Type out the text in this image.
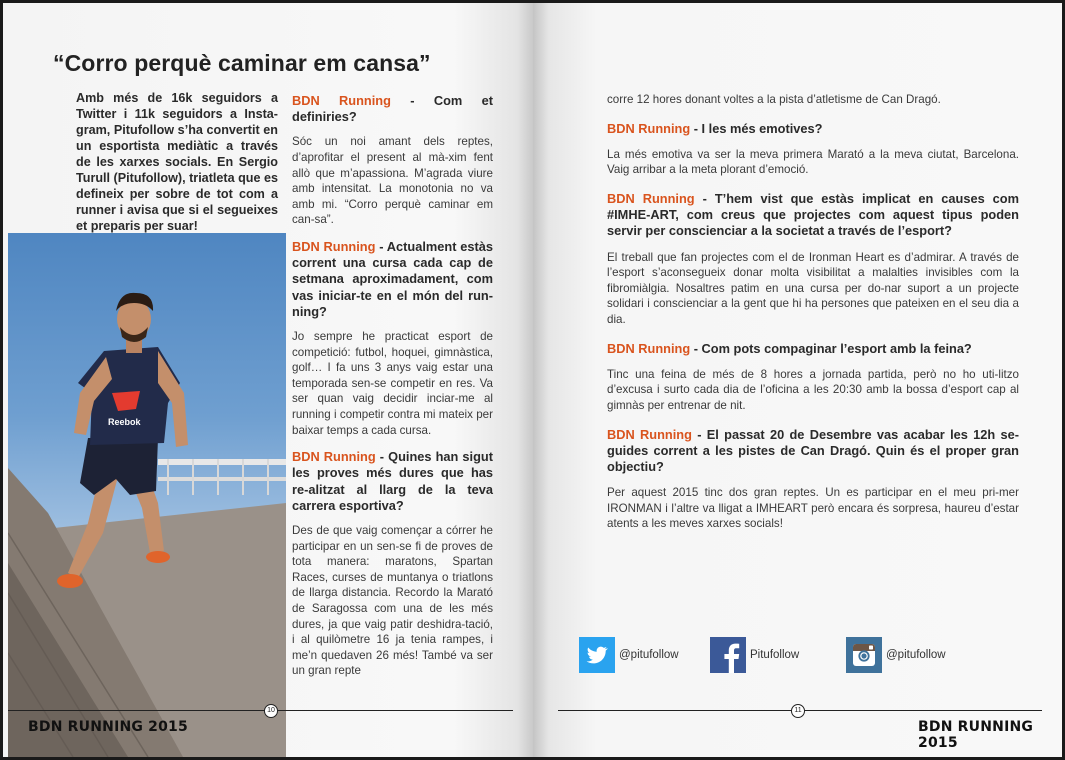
“Corro perquè caminar em cansa”
Amb més de 16k seguidors a Twitter i 11k seguidors a Insta-gram, Pitufollow s’ha convertit en un esportista mediàtic a través de les xarxes socials. En Sergio Turull (Pitufollow), triatleta que es defineix per sobre de tot com a runner i avisa que si el segueixes et preparis per suar!
Reebok
BDN Running - Com et definiries?

Sóc un noi amant dels reptes, d’aprofitar el present al mà-xim fent allò que m’apassiona. M’agrada viure amb intensitat. La monotonia no va amb mi. “Corro perquè caminar em can-sa”.

BDN Running - Actualment estàs corrent una cursa cada cap de setmana aproximadament, com vas iniciar-te en el món del run-ning?

Jo sempre he practicat esport de competició: futbol, hoquei, gimnàstica, golf… I fa uns 3 anys vaig estar una temporada sen-se competir en res. Va ser quan vaig decidir inciar-me al running i competir contra mi mateix per baixar temps a cada cursa.

BDN Running - Quines han sigut les proves més dures que has re-alitzat al llarg de la teva carrera esportiva?

Des de que vaig començar a córrer he participar en un sen-se fi de proves de tota manera: maratons, Spartan Races, curses de muntanya o triatlons de llarga distancia. Recordo la Marató de Saragossa com una de les més dures, ja que vaig patir deshidra-tació, i al quilòmetre 16 ja tenia rampes, i me’n quedaven 26 més! També va ser un gran repte

10
BDN RUNNING 2015

corre 12 hores donant voltes a la pista d’atletisme de Can Dragó.

BDN Running - I les més emotives?

La més emotiva va ser la meva primera Marató a la meva ciutat, Barcelona. Vaig arribar a la meta plorant d’emoció.

BDN Running - T’hem vist que estàs implicat en causes com #IMHE-ART, com creus que projectes com aquest tipus poden servir per conscienciar a la societat a través de l’esport?

El treball que fan projectes com el de Ironman Heart es d’admirar. A través de l’esport s’aconsegueix donar molta visibilitat a malalties invisibles com la fibromiàlgia. Nosaltres patim en una cursa per do-nar suport a un projecte solidari i conscienciar a la gent que hi ha persones que pateixen en el seu dia a dia.

BDN Running - Com pots compaginar l’esport amb la feina?

Tinc una feina de més de 8 hores a jornada partida, però no ho uti-litzo d’excusa i surto cada dia de l’oficina a les 20:30 amb la bossa d’esport cap al gimnàs per entrenar de nit.

BDN Running - El passat 20 de Desembre vas acabar les 12h se-guides corrent a les pistes de Can Dragó. Quin és el proper gran objectiu?

Per aquest 2015 tinc dos gran reptes. Un es participar en el meu pri-mer IRONMAN i l’altre va lligat a IMHEART però encara és sorpresa, haureu d’estar atents a les meves xarxes socials!

@pitufollow	Pitufollow	@pitufollow
11
BDN RUNNING 2015
